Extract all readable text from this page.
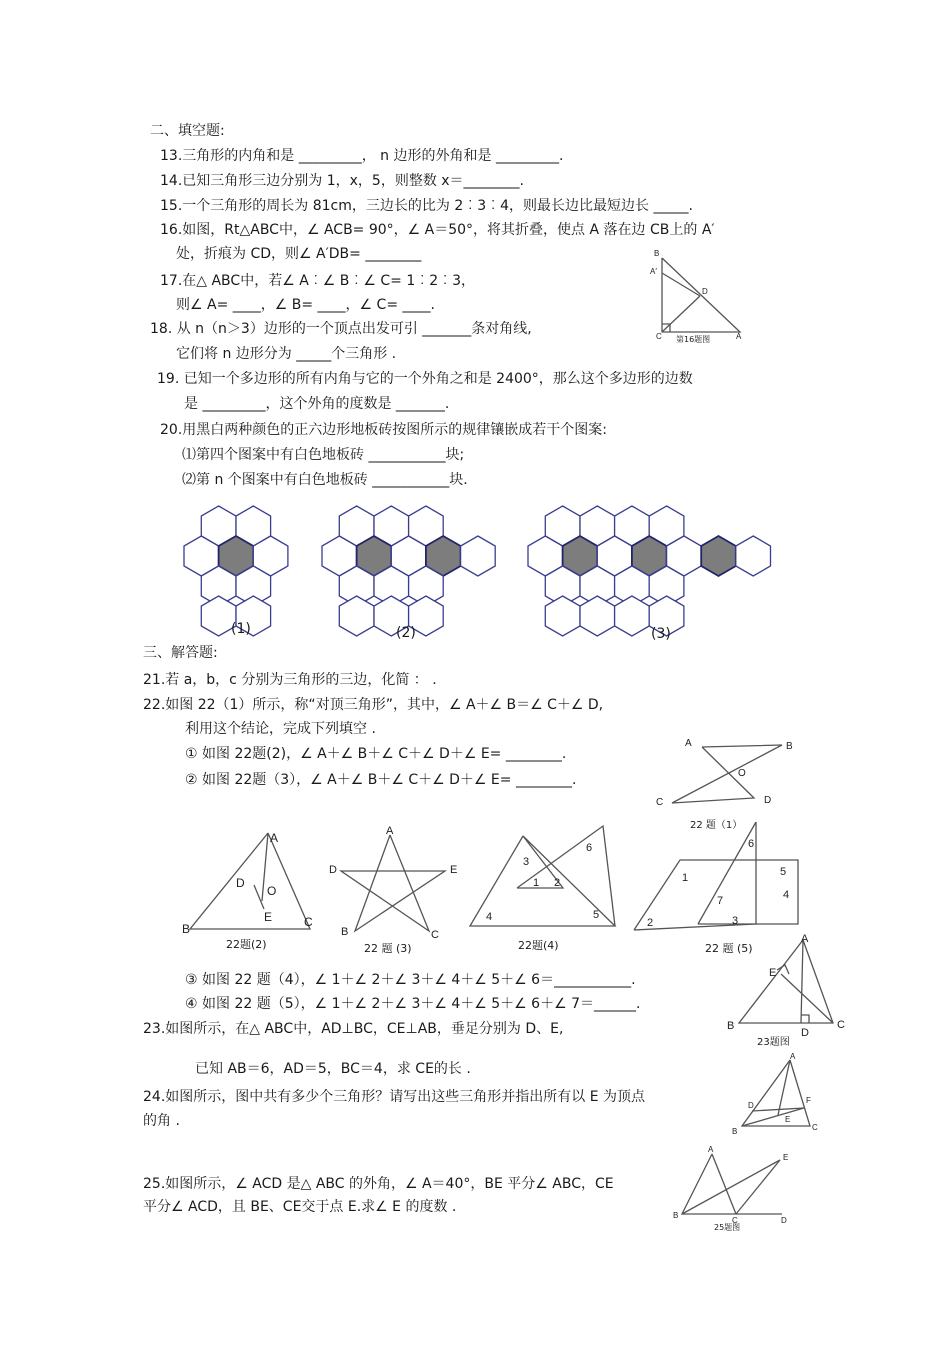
二、填空题:
13.三角形的内角和是 _________， n 边形的外角和是 _________.
14.已知三角形三边分别为 1，x，5，则整数 x＝________.
15.一个三角形的周长为 81cm，三边长的比为 2︰3︰4，则最长边比最短边长 _____.
16.如图，Rt△ABC中，∠ ACB= 90°，∠ A＝50°，将其折叠，使点 A 落在边 CB上的 A′
处，折痕为 CD，则∠ A′DB= ________
17.在△ ABC中，若∠ A︰∠ B︰∠ C= 1︰2︰3，
则∠ A= ____，∠ B= ____，∠ C= ____.
18. 从 n（n＞3）边形的一个顶点出发可引 _______条对角线,
它们将 n 边形分为 _____个三角形 .
19. 已知一个多边形的所有内角与它的一个外角之和是 2400°，那么这个多边形的边数
是 _________，这个外角的度数是 _______.
20.用黑白两种颜色的正六边形地板砖按图所示的规律镶嵌成若干个图案:
⑴第四个图案中有白色地板砖 ___________块;
⑵第 n 个图案中有白色地板砖 ___________块.
B
A′
D
C	A
第16题图
(1)	(2)	(3)
三、解答题:
21.若 a，b，c 分别为三角形的三边，化简 ： .
22.如图 22（1）所示，称“对顶三角形”，其中，∠ A＋∠ B＝∠ C＋∠ D,
利用这个结论，完成下列填空 .
① 如图 22题(2)，∠ A＋∠ B＋∠ C＋∠ D＋∠ E= ________.
② 如图 22题（3），∠ A＋∠ B＋∠ C＋∠ D＋∠ E= ________.
A	B
O
C	D
22 题（1）
A
D
O
E
B	C
22题(2)
A
D	E
B	C
22 题 (3)
3
6
1 2
4	5
22题(4)
6
1	5
4
7
2	3
22 题 (5)
③ 如图 22 题（4），∠ 1＋∠ 2＋∠ 3＋∠ 4＋∠ 5＋∠ 6＝___________.
④ 如图 22 题（5），∠ 1＋∠ 2＋∠ 3＋∠ 4＋∠ 5＋∠ 6＋∠ 7＝______.
23.如图所示，在△ ABC中，AD⊥BC，CE⊥AB，垂足分别为 D、E,
已知 AB＝6，AD＝5，BC＝4，求 CE的长 .
A
E
B
D
C
23题图
24.如图所示，图中共有多少个三角形？请写出这些三角形并指出所有以 E 为顶点
的角 .
A
D
F
E
B	C
25.如图所示，∠ ACD 是△ ABC 的外角，∠ A＝40°，BE 平分∠ ABC，CE
平分∠ ACD，且 BE、CE交于点 E.求∠ E 的度数 .
A
E
B
C	D
25题图
